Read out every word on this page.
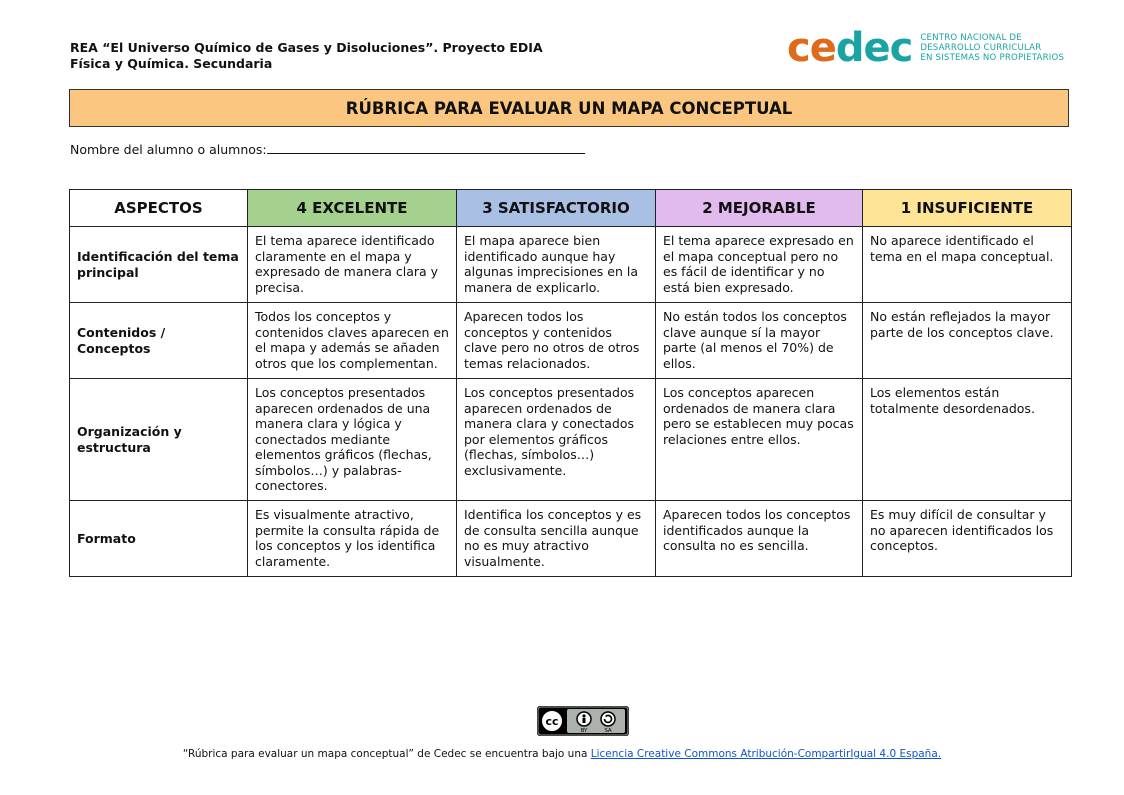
REA “El Universo Químico de Gases y Disoluciones”. Proyecto EDIA
Física y Química. Secundaria	cedec CENTRO NACIONAL DE
DESARROLLO CURRICULAR
EN SISTEMAS NO PROPIETARIOS
RÚBRICA PARA EVALUAR UN MAPA CONCEPTUAL
Nombre del alumno o alumnos:
ASPECTOS	4 EXCELENTE	3 SATISFACTORIO	2 MEJORABLE	1 INSUFICIENTE
Identificación del tema principal	El tema aparece identificado claramente en el mapa y expresado de manera clara y precisa.	El mapa aparece bien identificado aunque hay algunas imprecisiones en la manera de explicarlo.	El tema aparece expresado en el mapa conceptual pero no es fácil de identificar y no está bien expresado.	No aparece identificado el tema en el mapa conceptual.
Contenidos / Conceptos	Todos los conceptos y contenidos claves aparecen en el mapa y además se añaden otros que los complementan.	Aparecen todos los conceptos y contenidos clave pero no otros de otros temas relacionados.	No están todos los conceptos clave aunque sí la mayor parte (al menos el 70%) de ellos.	No están reflejados la mayor parte de los conceptos clave.
Organización y estructura	Los conceptos presentados aparecen ordenados de una manera clara y lógica y conectados mediante elementos gráficos (flechas, símbolos…) y palabras-conectores.	Los conceptos presentados aparecen ordenados de manera clara y conectados por elementos gráficos (flechas, símbolos…) exclusivamente.	Los conceptos aparecen ordenados de manera clara pero se establecen muy pocas relaciones entre ellos.	Los elementos están totalmente desordenados.
Formato	Es visualmente atractivo, permite la consulta rápida de los conceptos y los identifica claramente.	Identifica los conceptos y es de consulta sencilla aunque no es muy atractivo visualmente.	Aparecen todos los conceptos identificados aunque la consulta no es sencilla.	Es muy difícil de consultar y no aparecen identificados los conceptos.
cc
BY	SA
“Rúbrica para evaluar un mapa conceptual” de Cedec se encuentra bajo una Licencia Creative Commons Atribución-CompartirIgual 4.0 España.
